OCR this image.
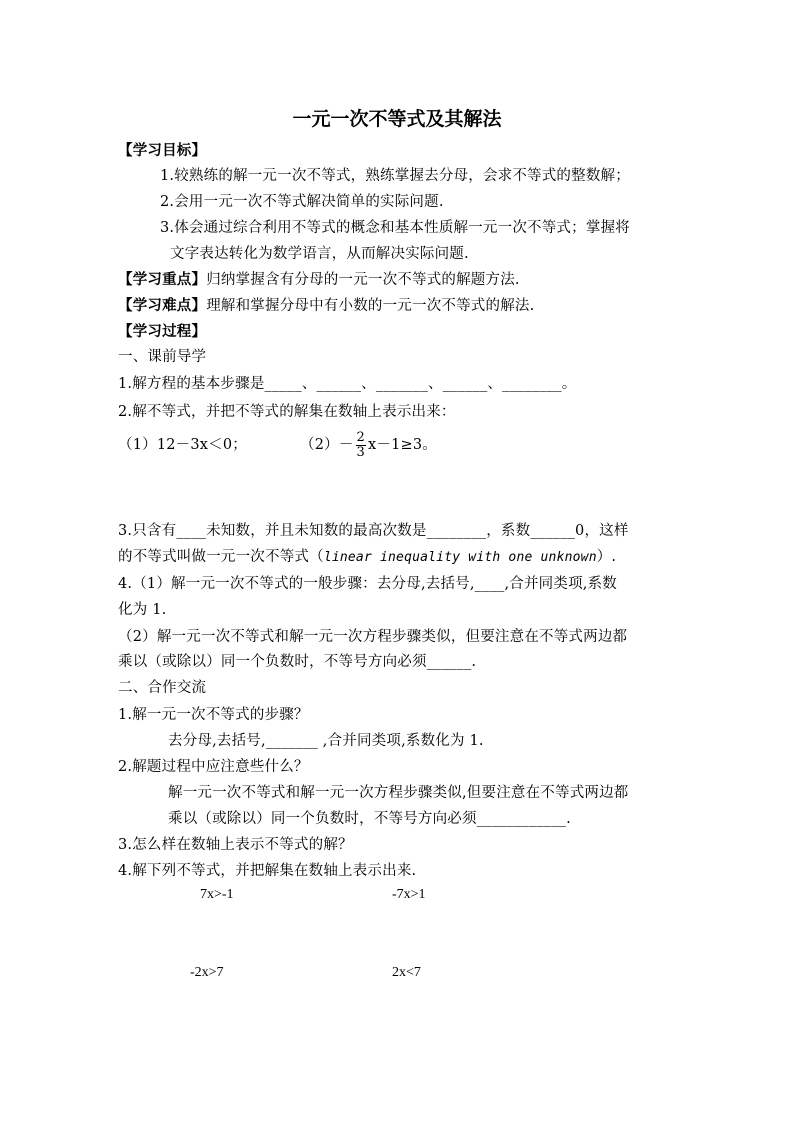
一元一次不等式及其解法
【学习目标】
1.较熟练的解一元一次不等式，熟练掌握去分母，会求不等式的整数解；
2.会用一元一次不等式解决简单的实际问题.
3.体会通过综合利用不等式的概念和基本性质解一元一次不等式；掌握将
文字表达转化为数学语言，从而解决实际问题.
【学习重点】归纳掌握含有分母的一元一次不等式的解题方法.
【学习难点】理解和掌握分母中有小数的一元一次不等式的解法.
【学习过程】
一、课前导学
1.解方程的基本步骤是_____、______、_______、______、________。
2.解不等式，并把不等式的解集在数轴上表示出来：
（1）12－3x＜0；	$(2)- \frac{2}{3} x-1\ge 3$。
3.只含有____未知数，并且未知数的最高次数是________，系数______0，这样
的不等式叫做一元一次不等式（linear inequality with one unknown）.
4.（1）解一元一次不等式的一般步骤：去分母,去括号,____,合并同类项,系数
化为 1.
（2）解一元一次不等式和解一元一次方程步骤类似，但要注意在不等式两边都
乘以（或除以）同一个负数时，不等号方向必须______.
二、合作交流
1.解一元一次不等式的步骤？
去分母,去括号,_______ ,合并同类项,系数化为 1.
2.解题过程中应注意些什么？
解一元一次不等式和解一元一次方程步骤类似,但要注意在不等式两边都
乘以（或除以）同一个负数时，不等号方向必须____________.
3.怎么样在数轴上表示不等式的解？
4.解下列不等式，并把解集在数轴上表示出来.
7x>-1	-7x>1
-2x>7	2x<7
